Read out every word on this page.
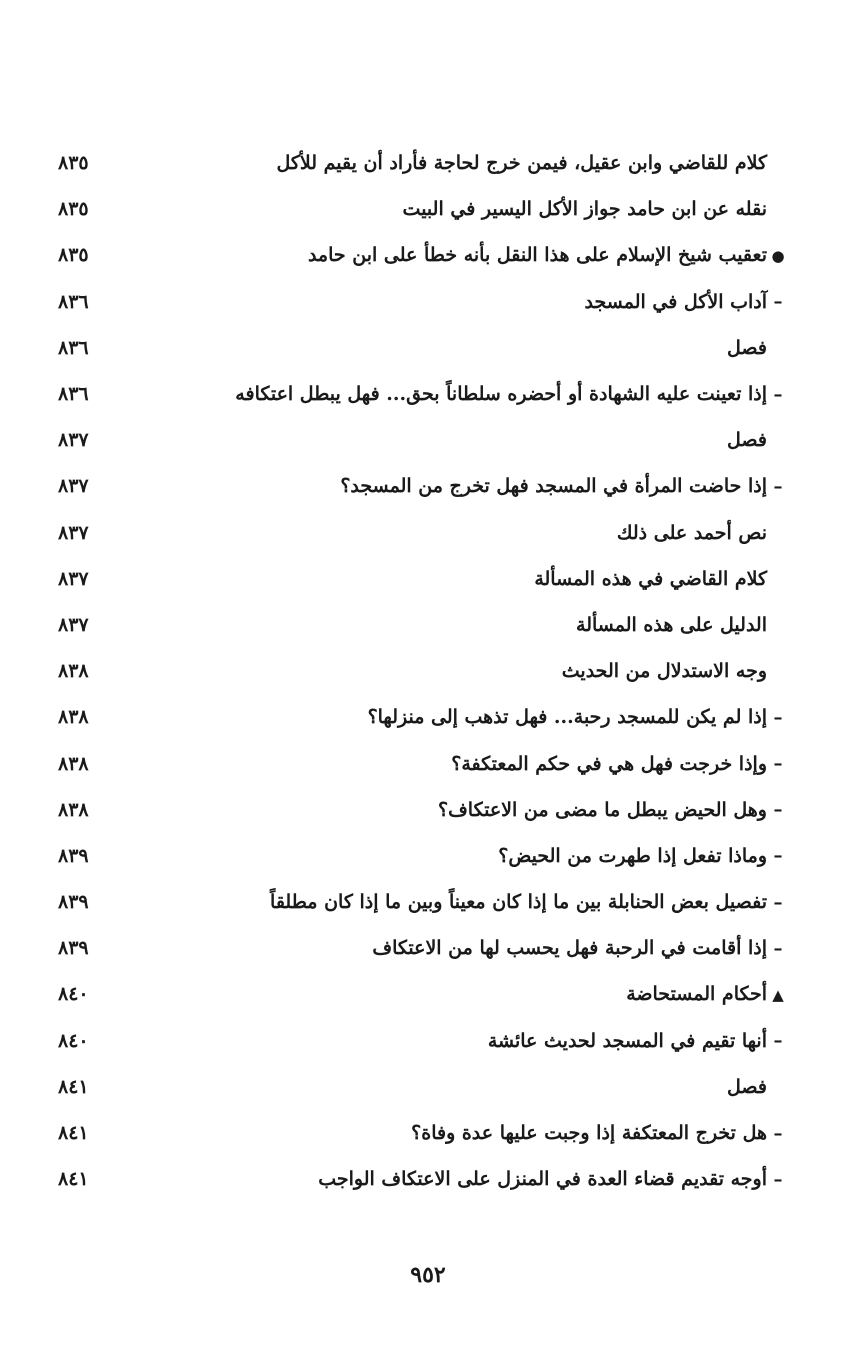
كلام للقاضي وابن عقيل، فيمن خرج لحاجة فأراد أن يقيم للأكل
٨٣٥
نقله عن ابن حامد جواز الأكل اليسير في البيت
٨٣٥
●
تعقيب شيخ الإسلام على هذا النقل بأنه خطأ على ابن حامد
٨٣٥
–
آداب الأكل في المسجد
٨٣٦
فصل
٨٣٦
–
إذا تعينت عليه الشهادة أو أحضره سلطاناً بحق... فهل يبطل اعتكافه
٨٣٦
فصل
٨٣٧
–
إذا حاضت المرأة في المسجد فهل تخرج من المسجد؟
٨٣٧
نص أحمد على ذلك
٨٣٧
كلام القاضي في هذه المسألة
٨٣٧
الدليل على هذه المسألة
٨٣٧
وجه الاستدلال من الحديث
٨٣٨
–
إذا لم يكن للمسجد رحبة... فهل تذهب إلى منزلها؟
٨٣٨
–
وإذا خرجت فهل هي في حكم المعتكفة؟
٨٣٨
–
وهل الحيض يبطل ما مضى من الاعتكاف؟
٨٣٨
–
وماذا تفعل إذا طهرت من الحيض؟
٨٣٩
–
تفصيل بعض الحنابلة بين ما إذا كان معيناً وبين ما إذا كان مطلقاً
٨٣٩
–
إذا أقامت في الرحبة فهل يحسب لها من الاعتكاف
٨٣٩
▲
أحكام المستحاضة
٨٤٠
–
أنها تقيم في المسجد لحديث عائشة
٨٤٠
فصل
٨٤١
–
هل تخرج المعتكفة إذا وجبت عليها عدة وفاة؟
٨٤١
–
أوجه تقديم قضاء العدة في المنزل على الاعتكاف الواجب
٨٤١
٩٥٢
